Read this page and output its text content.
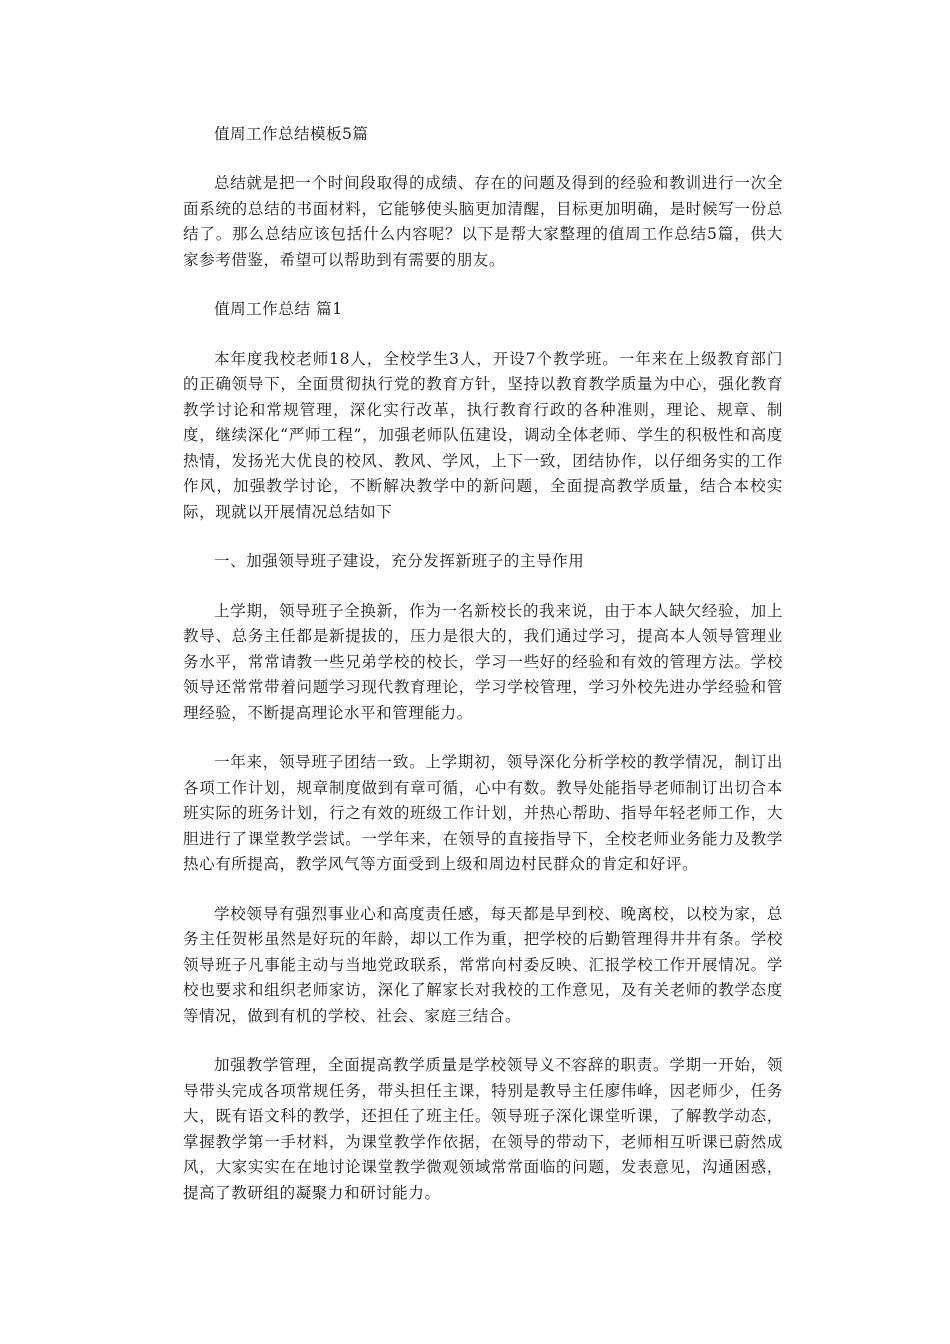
值周工作总结模板5篇

总结就是把一个时间段取得的成绩、存在的问题及得到的经验和教训进行一次全面系统的总结的书面材料，它能够使头脑更加清醒，目标更加明确，是时候写一份总结了。那么总结应该包括什么内容呢？以下是帮大家整理的值周工作总结5篇，供大家参考借鉴，希望可以帮助到有需要的朋友。

值周工作总结 篇1

本年度我校老师18人，全校学生3人，开设7个教学班。一年来在上级教育部门的正确领导下，全面贯彻执行党的教育方针，坚持以教育教学质量为中心，强化教育教学讨论和常规管理，深化实行改革，执行教育行政的各种准则，理论、规章、制度，继续深化“严师工程”，加强老师队伍建设，调动全体老师、学生的积极性和高度热情，发扬光大优良的校风、教风、学风，上下一致，团结协作，以仔细务实的工作作风，加强教学讨论，不断解决教学中的新问题，全面提高教学质量，结合本校实际，现就以开展情况总结如下

一、加强领导班子建设，充分发挥新班子的主导作用

上学期，领导班子全换新，作为一名新校长的我来说，由于本人缺欠经验，加上教导、总务主任都是新提拔的，压力是很大的，我们通过学习，提高本人领导管理业务水平，常常请教一些兄弟学校的校长，学习一些好的经验和有效的管理方法。学校领导还常常带着问题学习现代教育理论，学习学校管理，学习外校先进办学经验和管理经验，不断提高理论水平和管理能力。

一年来，领导班子团结一致。上学期初，领导深化分析学校的教学情况，制订出各项工作计划，规章制度做到有章可循，心中有数。教导处能指导老师制订出切合本班实际的班务计划，行之有效的班级工作计划，并热心帮助、指导年轻老师工作，大胆进行了课堂教学尝试。一学年来，在领导的直接指导下，全校老师业务能力及教学热心有所提高，教学风气等方面受到上级和周边村民群众的肯定和好评。

学校领导有强烈事业心和高度责任感，每天都是早到校、晚离校，以校为家，总务主任贺彬虽然是好玩的年龄，却以工作为重，把学校的后勤管理得井井有条。学校领导班子凡事能主动与当地党政联系，常常向村委反映、汇报学校工作开展情况。学校也要求和组织老师家访，深化了解家长对我校的工作意见，及有关老师的教学态度等情况，做到有机的学校、社会、家庭三结合。

加强教学管理，全面提高教学质量是学校领导义不容辞的职责。学期一开始，领导带头完成各项常规任务，带头担任主课，特别是教导主任廖伟峰，因老师少，任务大，既有语文科的教学，还担任了班主任。领导班子深化课堂听课，了解教学动态，掌握教学第一手材料，为课堂教学作依据，在领导的带动下，老师相互听课已蔚然成风，大家实实在在地讨论课堂教学微观领域常常面临的问题，发表意见，沟通困惑，提高了教研组的凝聚力和研讨能力。
